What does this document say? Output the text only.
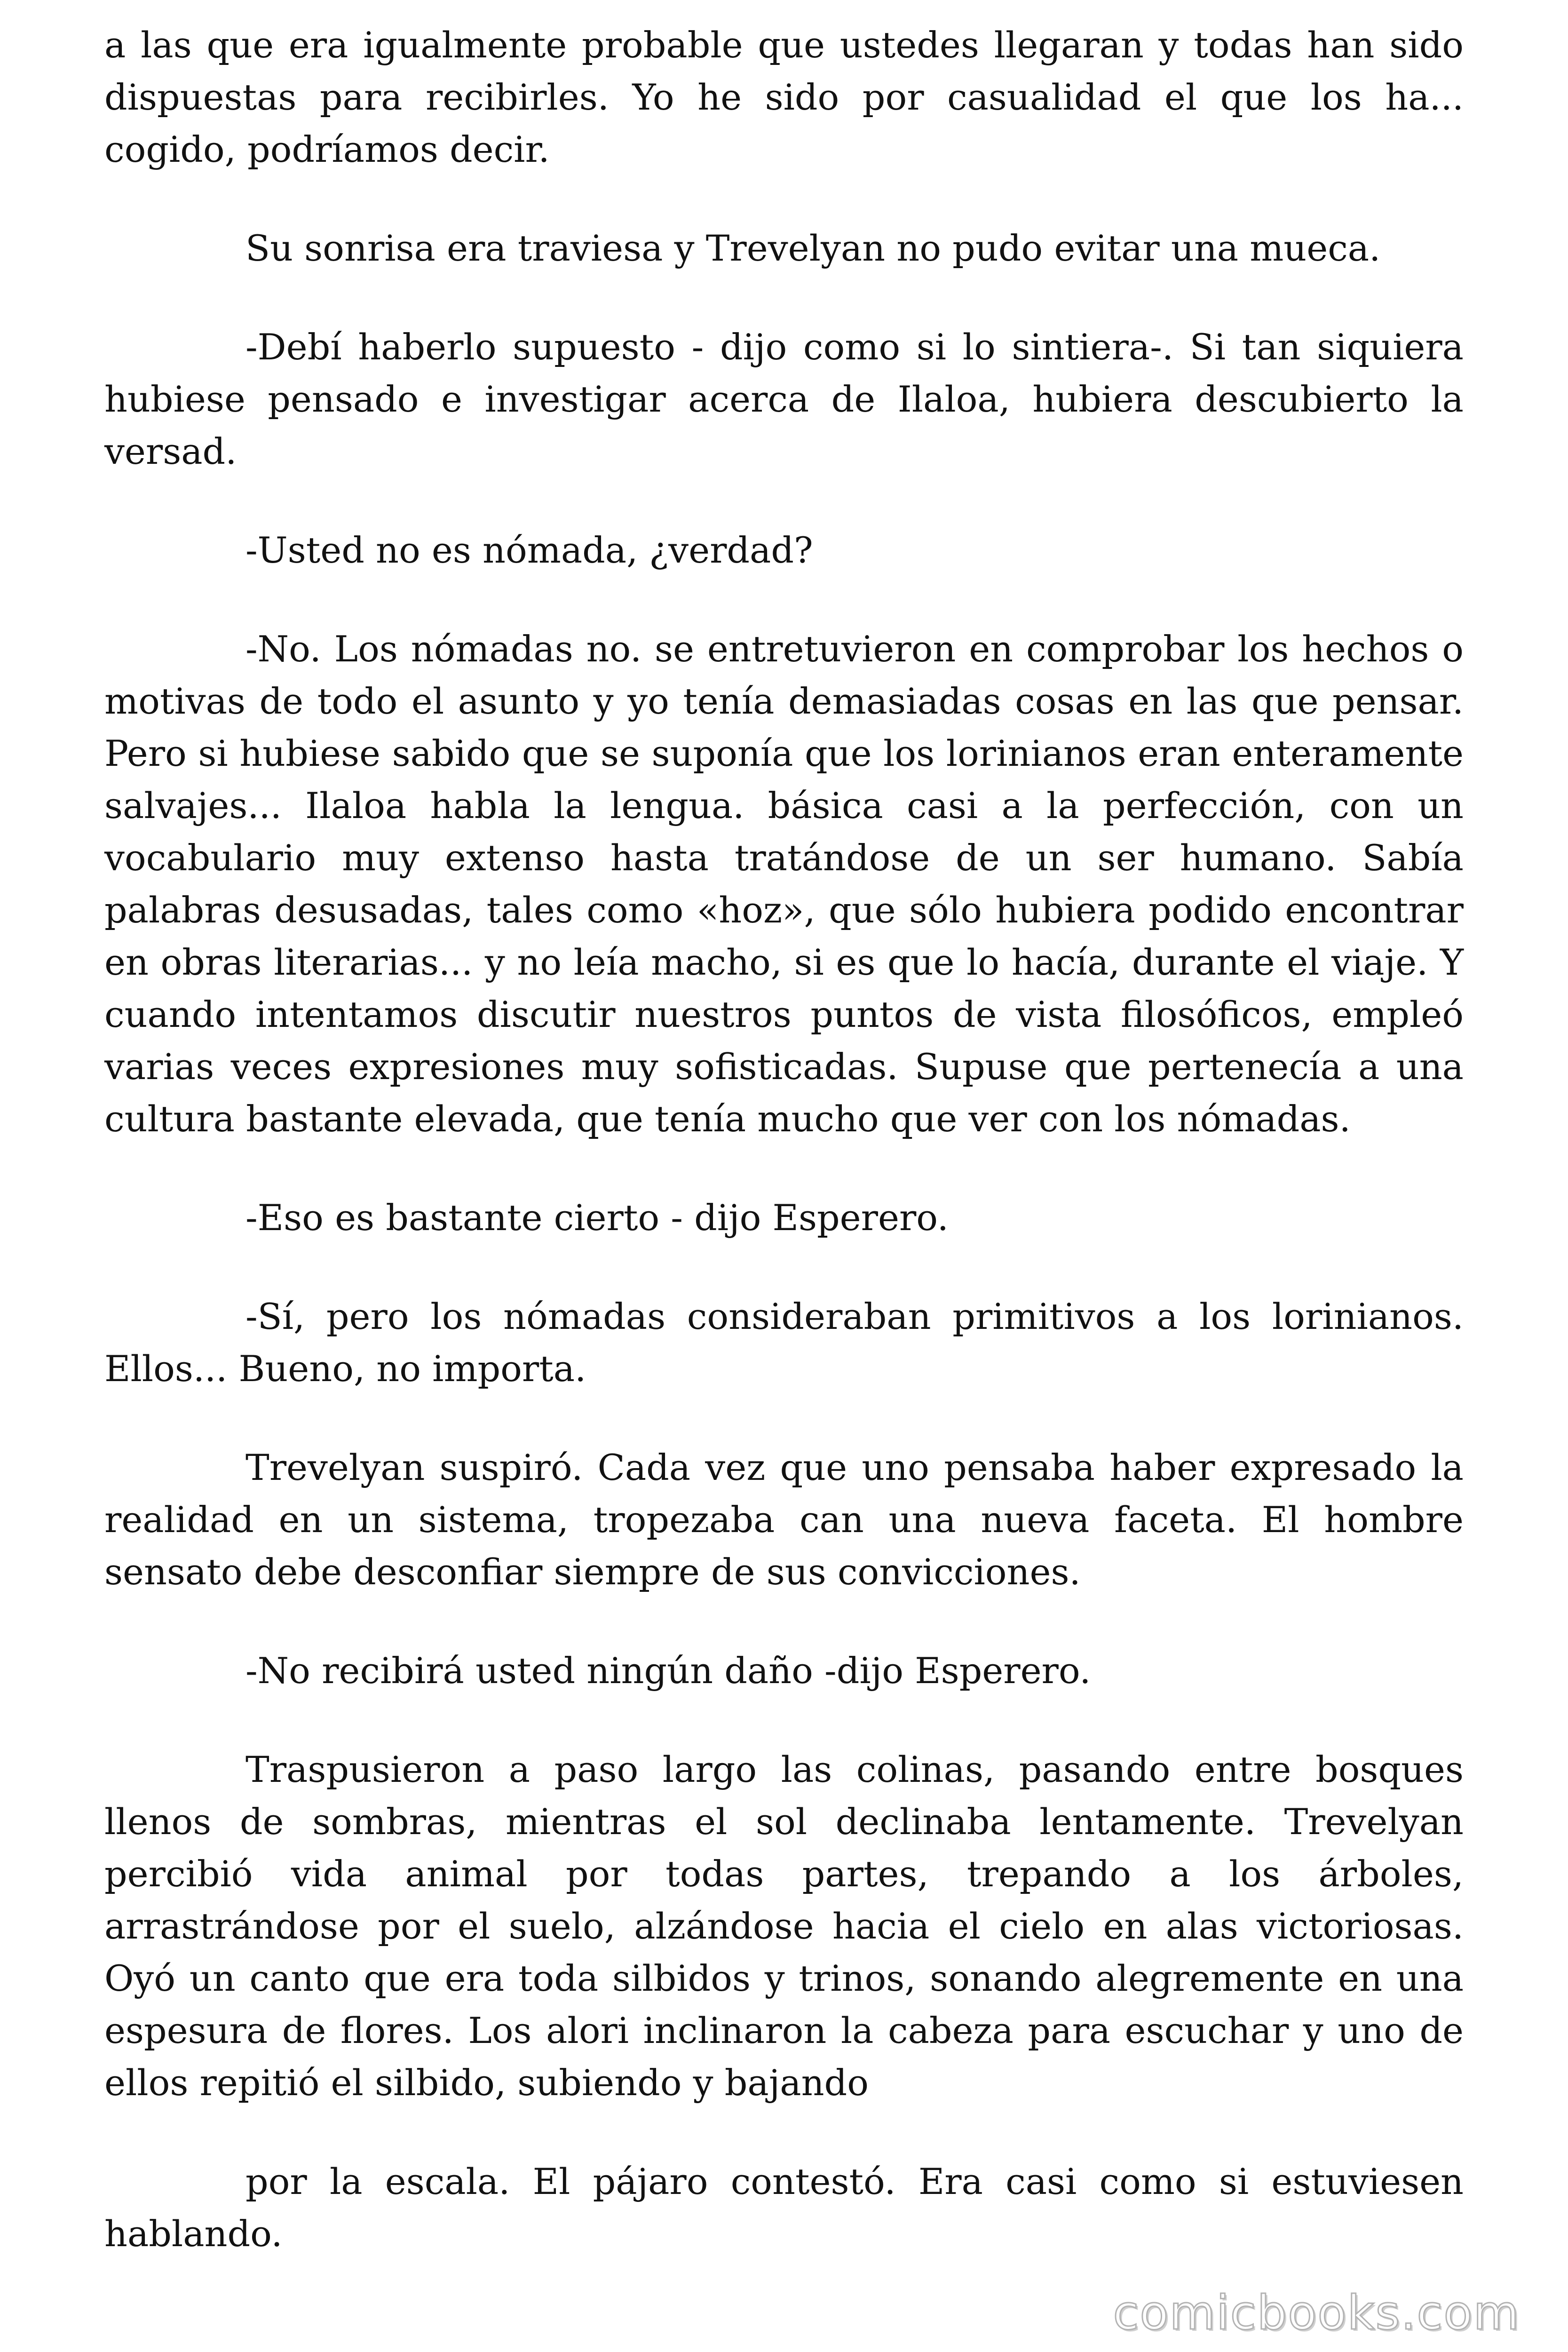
a las que era igualmente probable que ustedes llegaran y todas han sido dispuestas para recibirles. Yo he sido por casualidad el que los ha... cogido, podríamos decir.

Su sonrisa era traviesa y Trevelyan no pudo evitar una mueca.

-Debí haberlo supuesto - dijo como si lo sintiera-. Si tan siquiera hubiese pensado e investigar acerca de Ilaloa, hubiera descubierto la versad.

-Usted no es nómada, ¿verdad?

-No. Los nómadas no. se entretuvieron en comprobar los hechos o motivas de todo el asunto y yo tenía demasiadas cosas en las que pensar. Pero si hubiese sabido que se suponía que los lorinianos eran enteramente salvajes... Ilaloa habla la lengua. básica casi a la perfección, con un vocabulario muy extenso hasta tratándose de un ser humano. Sabía palabras desusadas, tales como «hoz», que sólo hubiera podido encontrar en obras literarias... y no leía macho, si es que lo hacía, durante el viaje. Y cuando intentamos discutir nuestros puntos de vista filosóficos, empleó varias veces expresiones muy sofisticadas. Supuse que pertenecía a una cultura bastante elevada, que tenía mucho que ver con los nómadas.

-Eso es bastante cierto - dijo Esperero.

-Sí, pero los nómadas consideraban primitivos a los lorinianos. Ellos... Bueno, no importa.

Trevelyan suspiró. Cada vez que uno pensaba haber expresado la realidad en un sistema, tropezaba can una nueva faceta. El hombre sensato debe desconfiar siempre de sus convicciones.

-No recibirá usted ningún daño -dijo Esperero.

Traspusieron a paso largo las colinas, pasando entre bosques llenos de sombras, mientras el sol declinaba lentamente. Trevelyan percibió vida animal por todas partes, trepando a los árboles, arrastrándose por el suelo, alzándose hacia el cielo en alas victoriosas. Oyó un canto que era toda silbidos y trinos, sonando alegremente en una espesura de flores. Los alori inclinaron la cabeza para escuchar y uno de ellos repitió el silbido, subiendo y bajando

por la escala. El pájaro contestó. Era casi como si estuviesen hablando.

comicbooks.com
